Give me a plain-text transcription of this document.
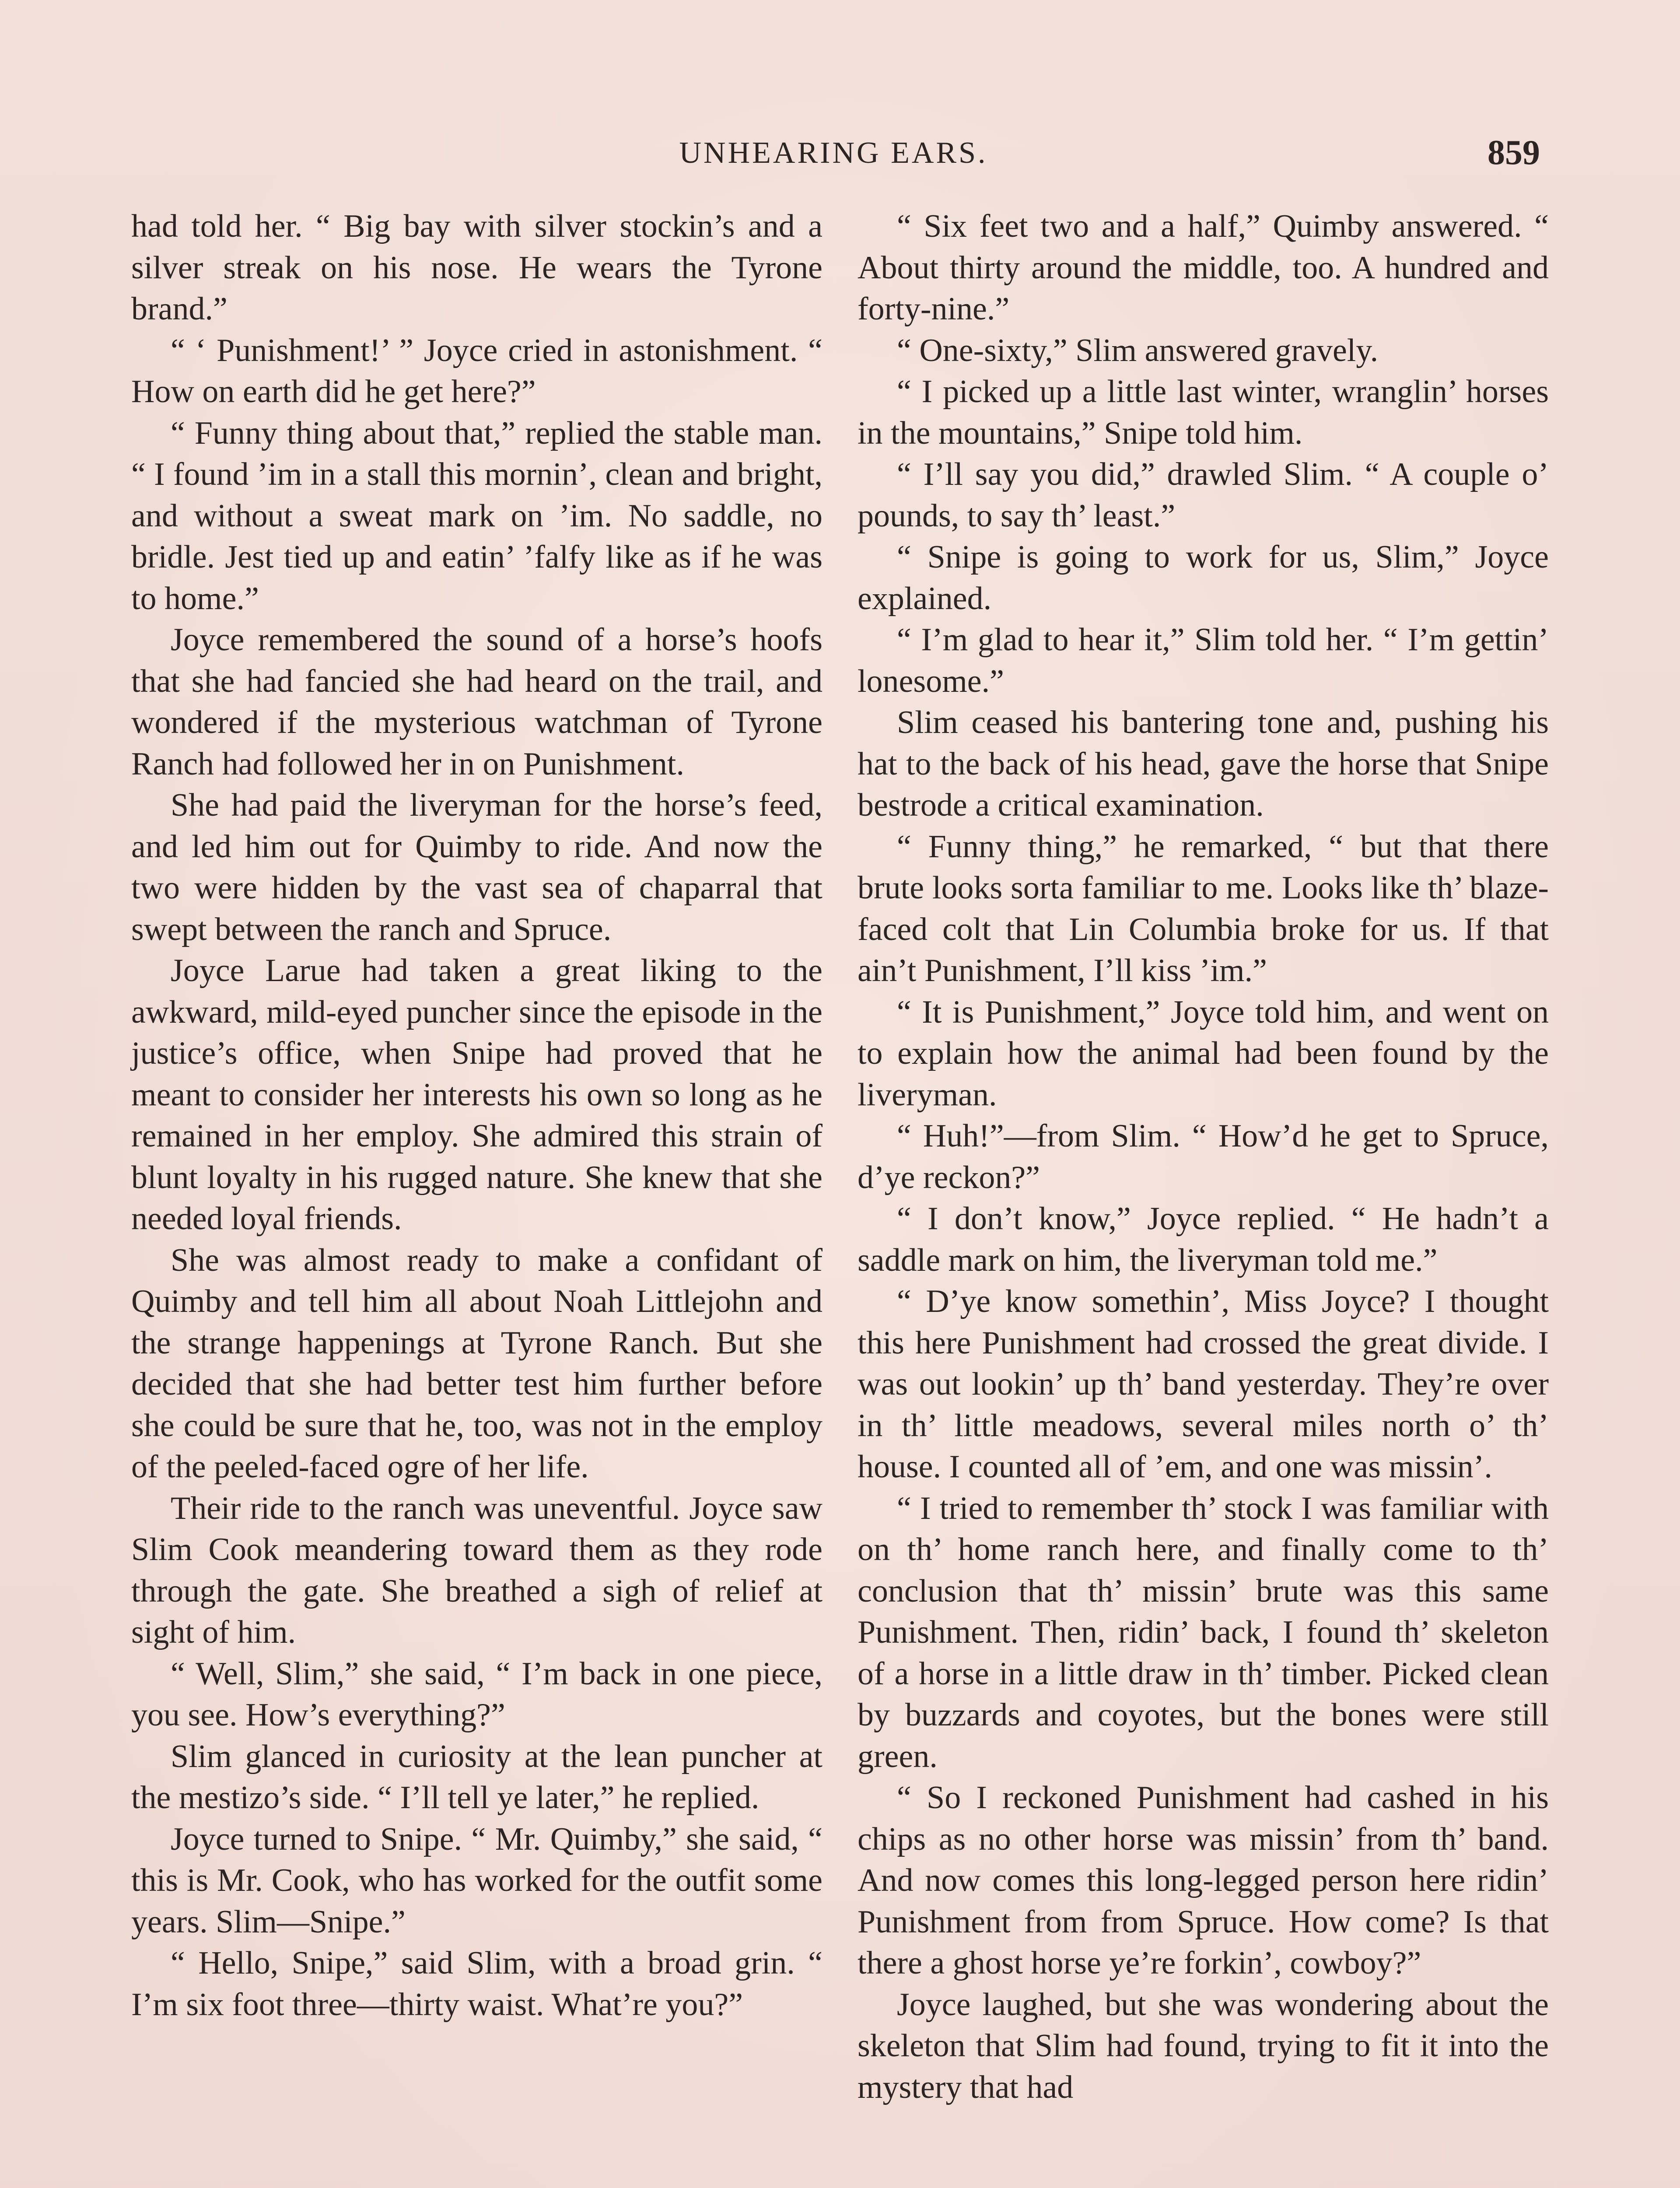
UNHEARING EARS.	859

had told her. “ Big bay with silver stockin’s and a silver streak on his nose. He wears the Tyrone brand.”

“ ‘ Punishment!’ ” Joyce cried in astonishment. “ How on earth did he get here?”

“ Funny thing about that,” replied the stable man. “ I found ’im in a stall this mornin’, clean and bright, and without a sweat mark on ’im. No saddle, no bridle. Jest tied up and eatin’ ’falfy like as if he was to home.”

Joyce remembered the sound of a horse’s hoofs that she had fancied she had heard on the trail, and wondered if the mysterious watchman of Tyrone Ranch had followed her in on Punishment.

She had paid the liveryman for the horse’s feed, and led him out for Quimby to ride. And now the two were hidden by the vast sea of chaparral that swept between the ranch and Spruce.

Joyce Larue had taken a great liking to the awkward, mild-eyed puncher since the episode in the justice’s office, when Snipe had proved that he meant to consider her interests his own so long as he remained in her employ. She admired this strain of blunt loyalty in his rugged nature. She knew that she needed loyal friends.

She was almost ready to make a confidant of Quimby and tell him all about Noah Littlejohn and the strange happenings at Tyrone Ranch. But she decided that she had better test him further before she could be sure that he, too, was not in the employ of the peeled-faced ogre of her life.

Their ride to the ranch was uneventful. Joyce saw Slim Cook meandering toward them as they rode through the gate. She breathed a sigh of relief at sight of him.

“ Well, Slim,” she said, “ I’m back in one piece, you see. How’s everything?”

Slim glanced in curiosity at the lean puncher at the mestizo’s side. “ I’ll tell ye later,” he replied.

Joyce turned to Snipe. “ Mr. Quimby,” she said, “ this is Mr. Cook, who has worked for the outfit some years. Slim—Snipe.”

“ Hello, Snipe,” said Slim, with a broad grin. “ I’m six foot three—thirty waist. What’re you?”

“ Six feet two and a half,” Quimby answered. “ About thirty around the middle, too. A hundred and forty-nine.”

“ One-sixty,” Slim answered gravely.

“ I picked up a little last winter, wranglin’ horses in the mountains,” Snipe told him.

“ I’ll say you did,” drawled Slim. “ A couple o’ pounds, to say th’ least.”

“ Snipe is going to work for us, Slim,” Joyce explained.

“ I’m glad to hear it,” Slim told her. “ I’m gettin’ lonesome.”

Slim ceased his bantering tone and, pushing his hat to the back of his head, gave the horse that Snipe bestrode a critical examination.

“ Funny thing,” he remarked, “ but that there brute looks sorta familiar to me. Looks like th’ blaze-faced colt that Lin Columbia broke for us. If that ain’t Punishment, I’ll kiss ’im.”

“ It is Punishment,” Joyce told him, and went on to explain how the animal had been found by the liveryman.

“ Huh!”—from Slim. “ How’d he get to Spruce, d’ye reckon?”

“ I don’t know,” Joyce replied. “ He hadn’t a saddle mark on him, the liveryman told me.”

“ D’ye know somethin’, Miss Joyce? I thought this here Punishment had crossed the great divide. I was out lookin’ up th’ band yesterday. They’re over in th’ little meadows, several miles north o’ th’ house. I counted all of ’em, and one was missin’.

“ I tried to remember th’ stock I was familiar with on th’ home ranch here, and finally come to th’ conclusion that th’ missin’ brute was this same Punishment. Then, ridin’ back, I found th’ skeleton of a horse in a little draw in th’ timber. Picked clean by buzzards and coyotes, but the bones were still green.

“ So I reckoned Punishment had cashed in his chips as no other horse was missin’ from th’ band. And now comes this long-legged person here ridin’ Punishment from from Spruce. How come? Is that there a ghost horse ye’re forkin’, cowboy?”

Joyce laughed, but she was wondering about the skeleton that Slim had found, trying to fit it into the mystery that had
